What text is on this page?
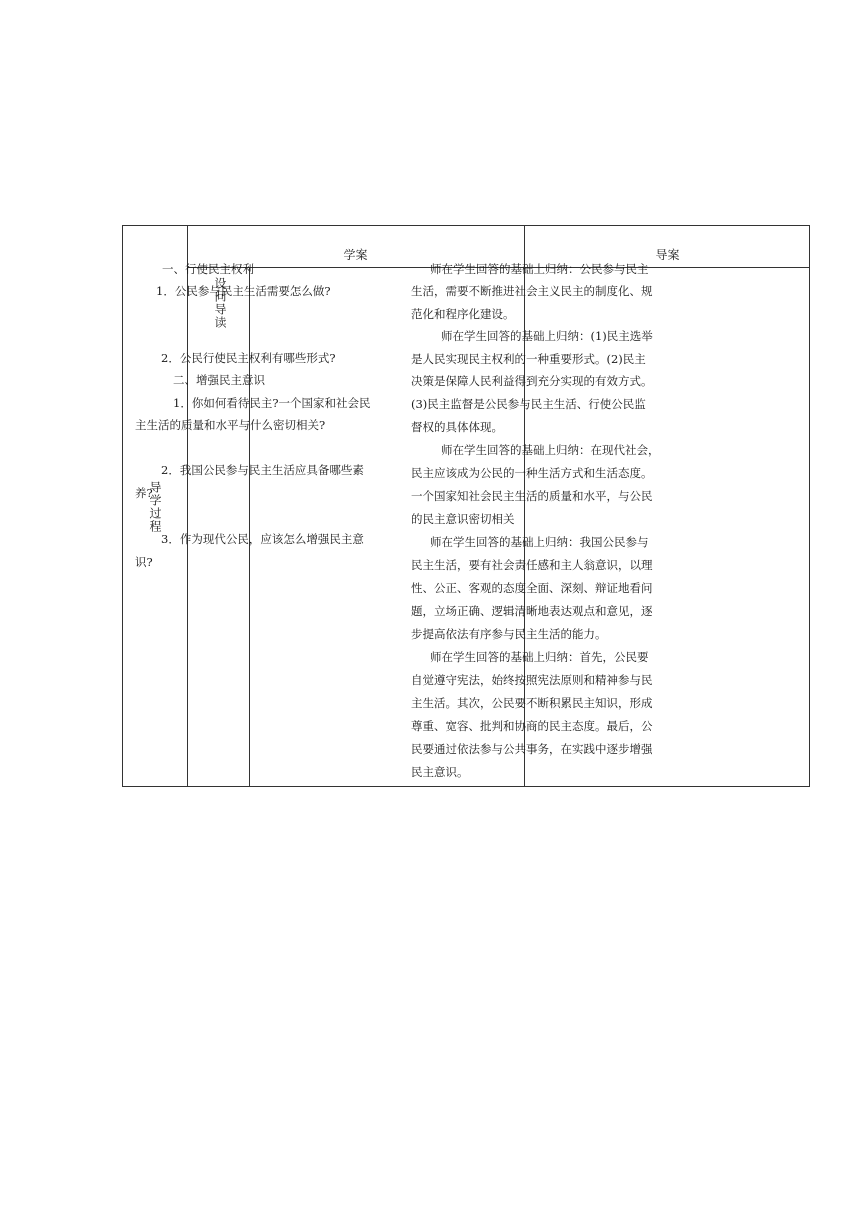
学案	导案
导学过程
设问导读
一、行使民主权利
1．公民参与民主生活需要怎么做?
2．公民行使民主权利有哪些形式?
二、增强民主意识
1．你如何看待民主?一个国家和社会民
主生活的质量和水平与什么密切相关?
2．我国公民参与民主生活应具备哪些素
养?
3．作为现代公民，应该怎么增强民主意
识?
师在学生回答的基础上归纳：公民参与民主
生活，需要不断推进社会主义民主的制度化、规
范化和程序化建设。
师在学生回答的基础上归纳：(1)民主选举
是人民实现民主权利的一种重要形式。(2)民主
决策是保障人民利益得到充分实现的有效方式。
(3)民主监督是公民参与民主生活、行使公民监
督权的具体体现。
师在学生回答的基础上归纳：在现代社会，
民主应该成为公民的一种生活方式和生活态度。
一个国家知社会民主生活的质量和水平，与公民
的民主意识密切相关
师在学生回答的基础上归纳：我国公民参与
民主生活，要有社会责任感和主人翁意识，以理
性、公正、客观的态度全面、深刻、辩证地看问
题，立场正确、逻辑清晰地表达观点和意见，逐
步提高依法有序参与民主生活的能力。
师在学生回答的基础上归纳：首先，公民要
自觉遵守宪法，始终按照宪法原则和精神参与民
主生活。其次，公民要不断积累民主知识，形成
尊重、宽容、批判和协商的民主态度。最后，公
民要通过依法参与公共事务，在实践中逐步增强
民主意识。
